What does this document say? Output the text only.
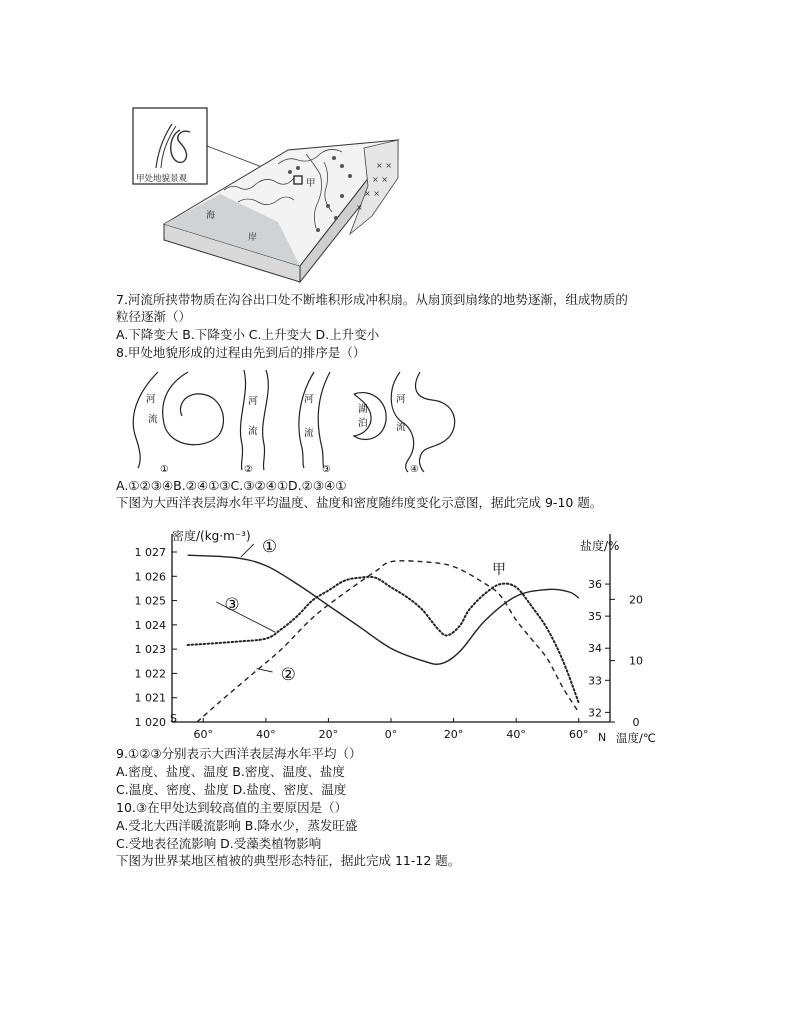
甲处地貌景观
× ×
× ×
× ×
×
海
岸
甲
7.河流所挟带物质在沟谷出口处不断堆积形成冲积扇。从扇顶到扇缘的地势逐渐，组成物质的
粒径逐渐（）
A.下降变大 B.下降变小 C.上升变大 D.上升变小
8.甲处地貌形成的过程由先到后的排序是（）
河
流
河
流
河
流
湖
泊
河
流
①	②	③	④
A.①②③④B.②④①③C.③②④①D.②③④①
下图为大西洋表层海水年平均温度、盐度和密度随纬度变化示意图，据此完成 9-10 题。
1 027
1 026
1 025
1 024
1 023
1 022
1 021
1 020
36
35
34
33
32
20
10
0
60°	40°	20°	0°	20°	40°	60°
①
②
③
密度/(kg·m⁻³)
盐度/%
温度/℃
S
N
甲
9.①②③分别表示大西洋表层海水年平均（）
A.密度、盐度、温度 B.密度、温度、盐度
C.温度、密度、盐度 D.盐度、密度、温度
10.③在甲处达到较高值的主要原因是（）
A.受北大西洋暖流影响 B.降水少，蒸发旺盛
C.受地表径流影响 D.受藻类植物影响
下图为世界某地区植被的典型形态特征，据此完成 11-12 题。
